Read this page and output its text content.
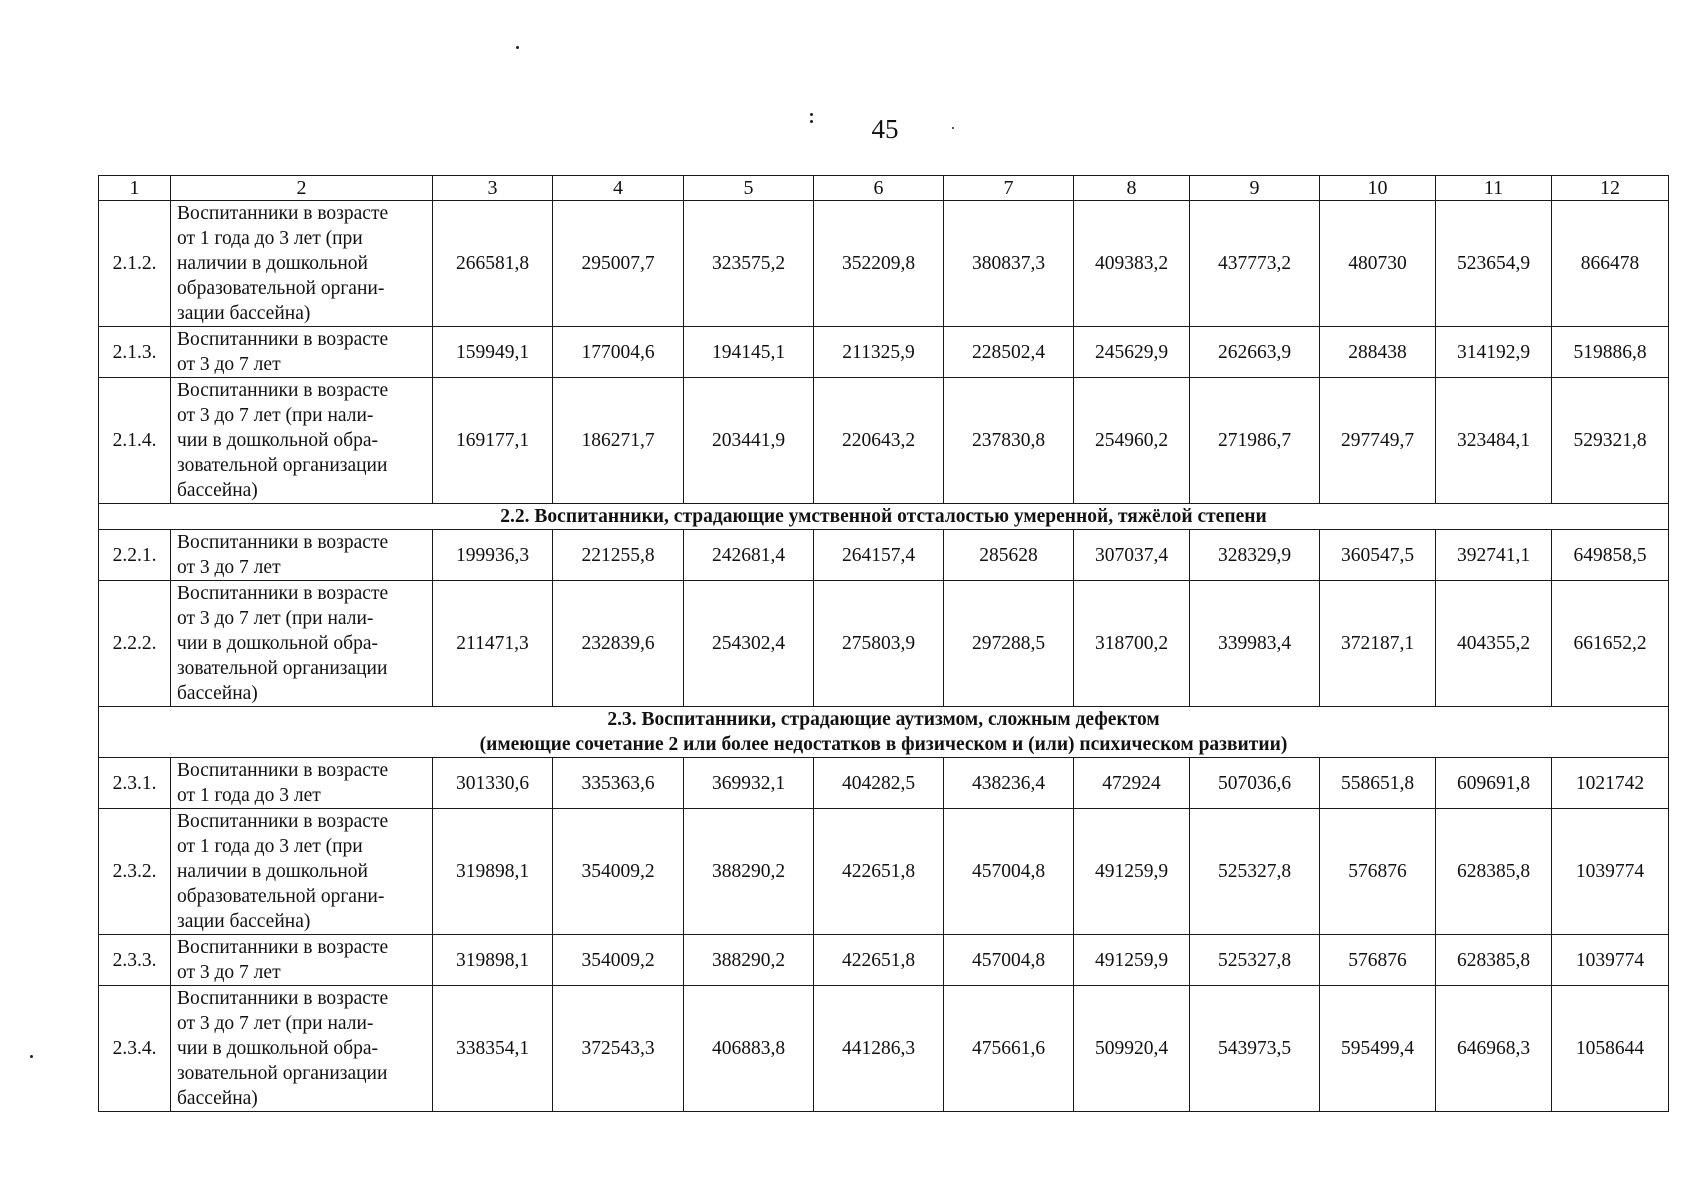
45
1	2	3	4	5	6	7	8	9	10	11	12
2.1.2.	Воспитанники в возрасте
от 1 года до 3 лет (при
наличии в дошкольной
образовательной органи-
зации бассейна)	266581,8	295007,7	323575,2	352209,8	380837,3	409383,2	437773,2	480730	523654,9	866478
2.1.3.	Воспитанники в возрасте
от 3 до 7 лет	159949,1	177004,6	194145,1	211325,9	228502,4	245629,9	262663,9	288438	314192,9	519886,8
2.1.4.	Воспитанники в возрасте
от 3 до 7 лет (при нали-
чии в дошкольной обра-
зовательной организации
бассейна)	169177,1	186271,7	203441,9	220643,2	237830,8	254960,2	271986,7	297749,7	323484,1	529321,8

2.2. Воспитанники, страдающие умственной отсталостью умеренной, тяжёлой степени											

2.2.1.	Воспитанники в возрасте
от 3 до 7 лет	199936,3	221255,8	242681,4	264157,4	285628	307037,4	328329,9	360547,5	392741,1	649858,5
2.2.2.	Воспитанники в возрасте
от 3 до 7 лет (при нали-
чии в дошкольной обра-
зовательной организации
бассейна)	211471,3	232839,6	254302,4	275803,9	297288,5	318700,2	339983,4	372187,1	404355,2	661652,2

2.3. Воспитанники, страдающие аутизмом, сложным дефектом
(имеющие сочетание 2 или более недостатков в физическом и (или) психическом развитии)											

2.3.1.	Воспитанники в возрасте
от 1 года до 3 лет	301330,6	335363,6	369932,1	404282,5	438236,4	472924	507036,6	558651,8	609691,8	1021742
2.3.2.	Воспитанники в возрасте
от 1 года до 3 лет (при
наличии в дошкольной
образовательной органи-
зации бассейна)	319898,1	354009,2	388290,2	422651,8	457004,8	491259,9	525327,8	576876	628385,8	1039774
2.3.3.	Воспитанники в возрасте
от 3 до 7 лет	319898,1	354009,2	388290,2	422651,8	457004,8	491259,9	525327,8	576876	628385,8	1039774
2.3.4.	Воспитанники в возрасте
от 3 до 7 лет (при нали-
чии в дошкольной обра-
зовательной организации
бассейна)	338354,1	372543,3	406883,8	441286,3	475661,6	509920,4	543973,5	595499,4	646968,3	1058644
